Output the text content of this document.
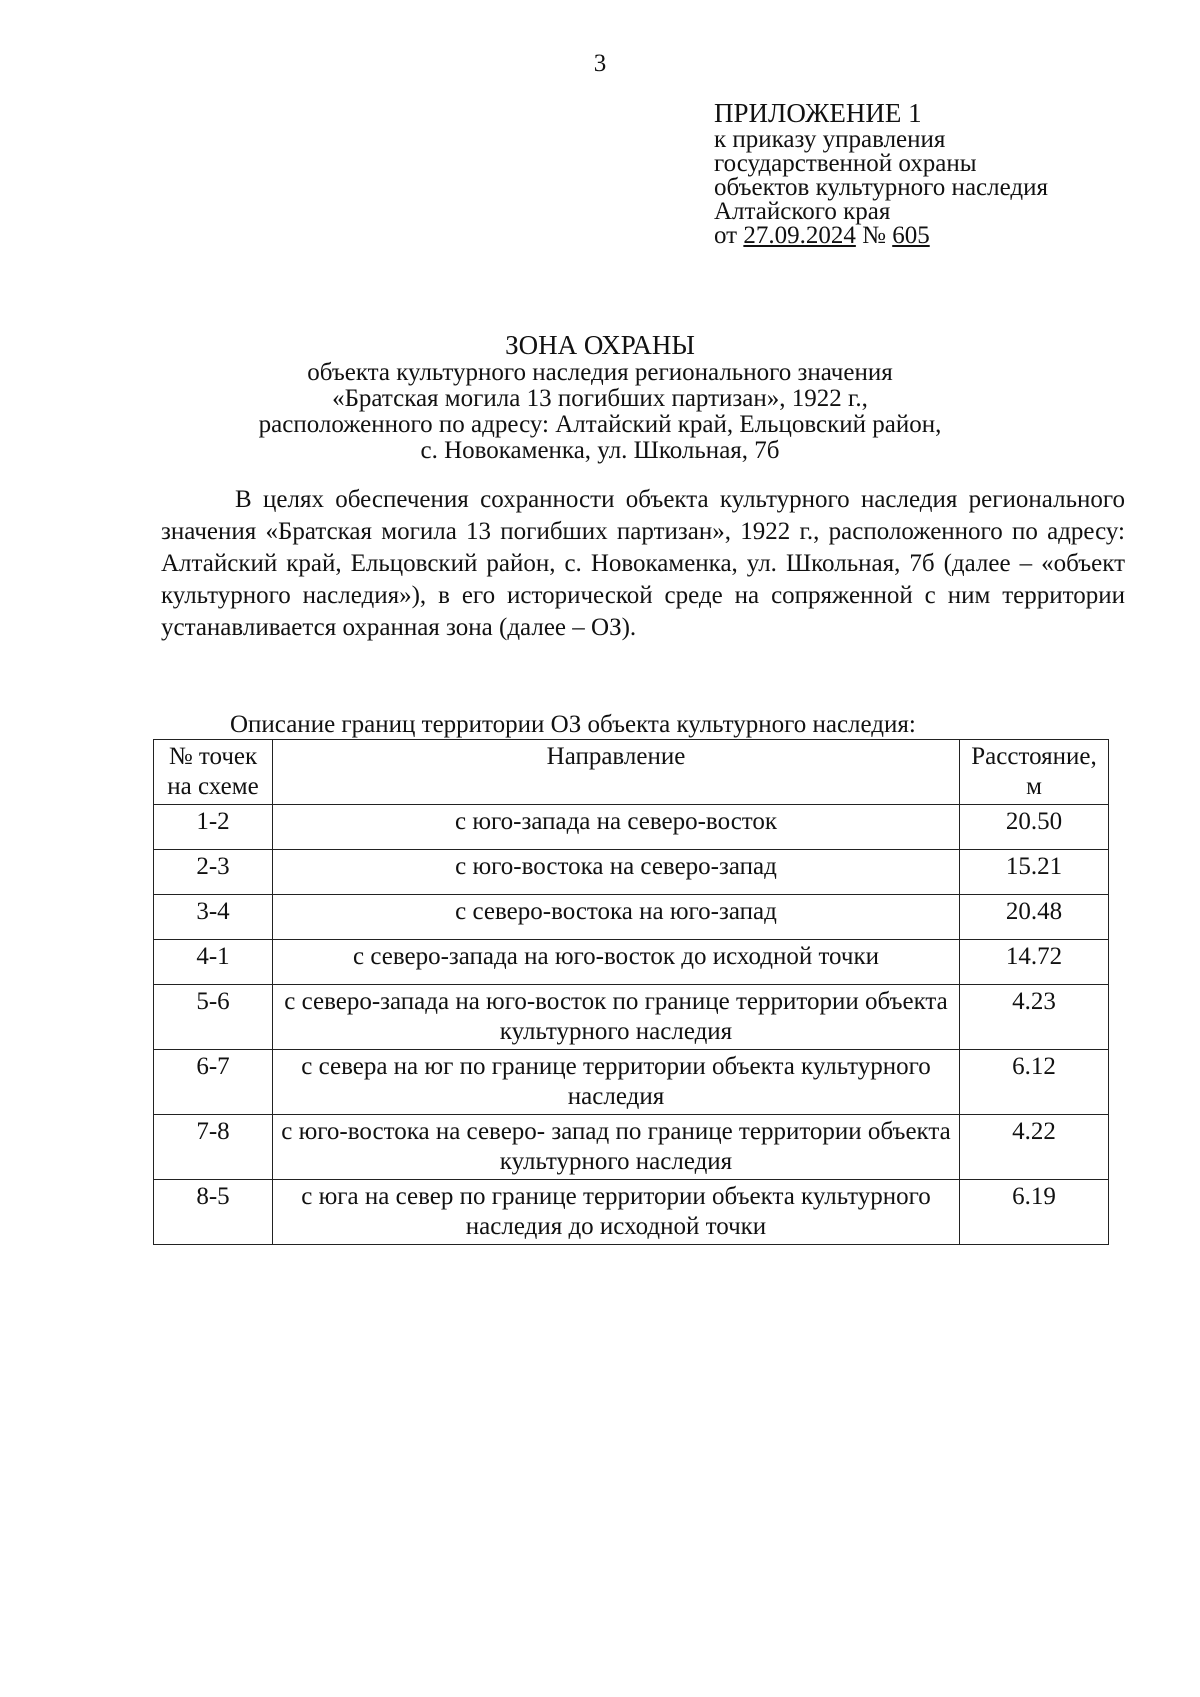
3
ПРИЛОЖЕНИЕ 1
к приказу управления
государственной охраны
объектов культурного наследия
Алтайского края
от 27.09.2024 № 605
ЗОНА ОХРАНЫ
объекта культурного наследия регионального значения
«Братская могила 13 погибших партизан», 1922 г.,
расположенного по адресу: Алтайский край, Ельцовский район,
с. Новокаменка, ул. Школьная, 7б

В целях обеспечения сохранности объекта культурного наследия регионального значения «Братская могила 13 погибших партизан», 1922 г., расположенного по адресу: Алтайский край, Ельцовский район, с. Новокаменка, ул. Школьная, 7б (далее – «объект культурного наследия»), в его исторической среде на сопряженной с ним территории устанавливается охранная зона (далее – ОЗ).

Описание границ территории ОЗ объекта культурного наследия:
№ точек на схеме	Направление	Расстояние, м
1-2	с юго-запада на северо-восток	20.50
2-3	с юго-востока на северо-запад	15.21
3-4	с северо-востока на юго-запад	20.48
4-1	с северо-запада на юго-восток до исходной точки	14.72
5-6	с северо-запада на юго-восток по границе территории объекта культурного наследия	4.23
6-7	с севера на юг по границе территории объекта культурного наследия	6.12
7-8	с юго-востока на северо- запад по границе территории объекта культурного наследия	4.22
8-5	с юга на север по границе территории объекта культурного наследия до исходной точки	6.19
